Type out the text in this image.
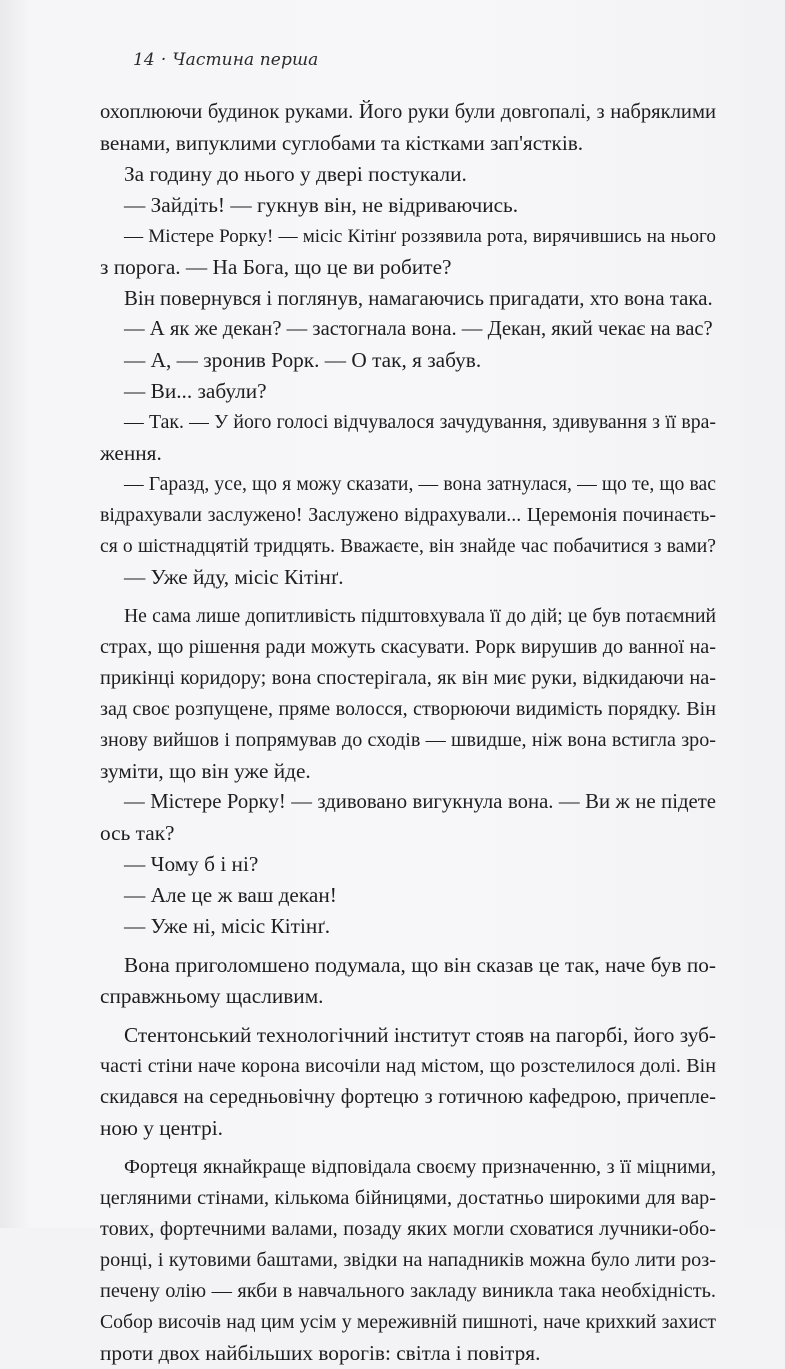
14 · Частина перша

охоплюючи будинок руками. Його руки були довгопалі, з набряклими
венами, випуклими суглобами та кістками зап'ястків.

За годину до нього у двері постукали.

— Зайдіть! — гукнув він, не відриваючись.

— Містере Рорку! — місіс Кітінґ роззявила рота, вирячившись на нього
з порога. — На Бога, що це ви робите?

Він повернувся і поглянув, намагаючись пригадати, хто вона така.

— А як же декан? — застогнала вона. — Декан, який чекає на вас?

— А, — зронив Рорк. — О так, я забув.

— Ви... забули?

— Так. — У його голосі відчувалося зачудування, здивування з її вра-
ження.

— Гаразд, усе, що я можу сказати, — вона затнулася, — що те, що вас
відрахували заслужено! Заслужено відрахували... Церемонія починаєть-
ся о шістнадцятій тридцять. Вважаєте, він знайде час побачитися з вами?

— Уже йду, місіс Кітінґ.

Не сама лише допитливість підштовхувала її до дій; це був потаємний
страх, що рішення ради можуть скасувати. Рорк вирушив до ванної на-
прикінці коридору; вона спостерігала, як він миє руки, відкидаючи на-
зад своє розпущене, пряме волосся, створюючи видимість порядку. Він
знову вийшов і попрямував до сходів — швидше, ніж вона встигла зро-
зуміти, що він уже йде.

— Містере Рорку! — здивовано вигукнула вона. — Ви ж не підете
ось так?

— Чому б і ні?

— Але це ж ваш декан!

— Уже ні, місіс Кітінґ.

Вона приголомшено подумала, що він сказав це так, наче був по-
справжньому щасливим.

Стентонський технологічний інститут стояв на пагорбі, його зуб-
часті стіни наче корона височіли над містом, що розстелилося долі. Він
скидався на середньовічну фортецю з готичною кафедрою, причеплe-
ною у центрі.

Фортеця якнайкраще відповідала своєму призначенню, з її міцними,
цегляними стінами, кількома бійницями, достатньо широкими для вар-
тових, фортечними валами, позаду яких могли сховатися лучники-обо-
ронці, і кутовими баштами, звідки на нападників можна було лити роз-
печену олію — якби в навчального закладу виникла така необхідність.
Собор височів над цим усім у мереживній пишноті, наче крихкий захист
проти двох найбільших ворогів: світла і повітря.
